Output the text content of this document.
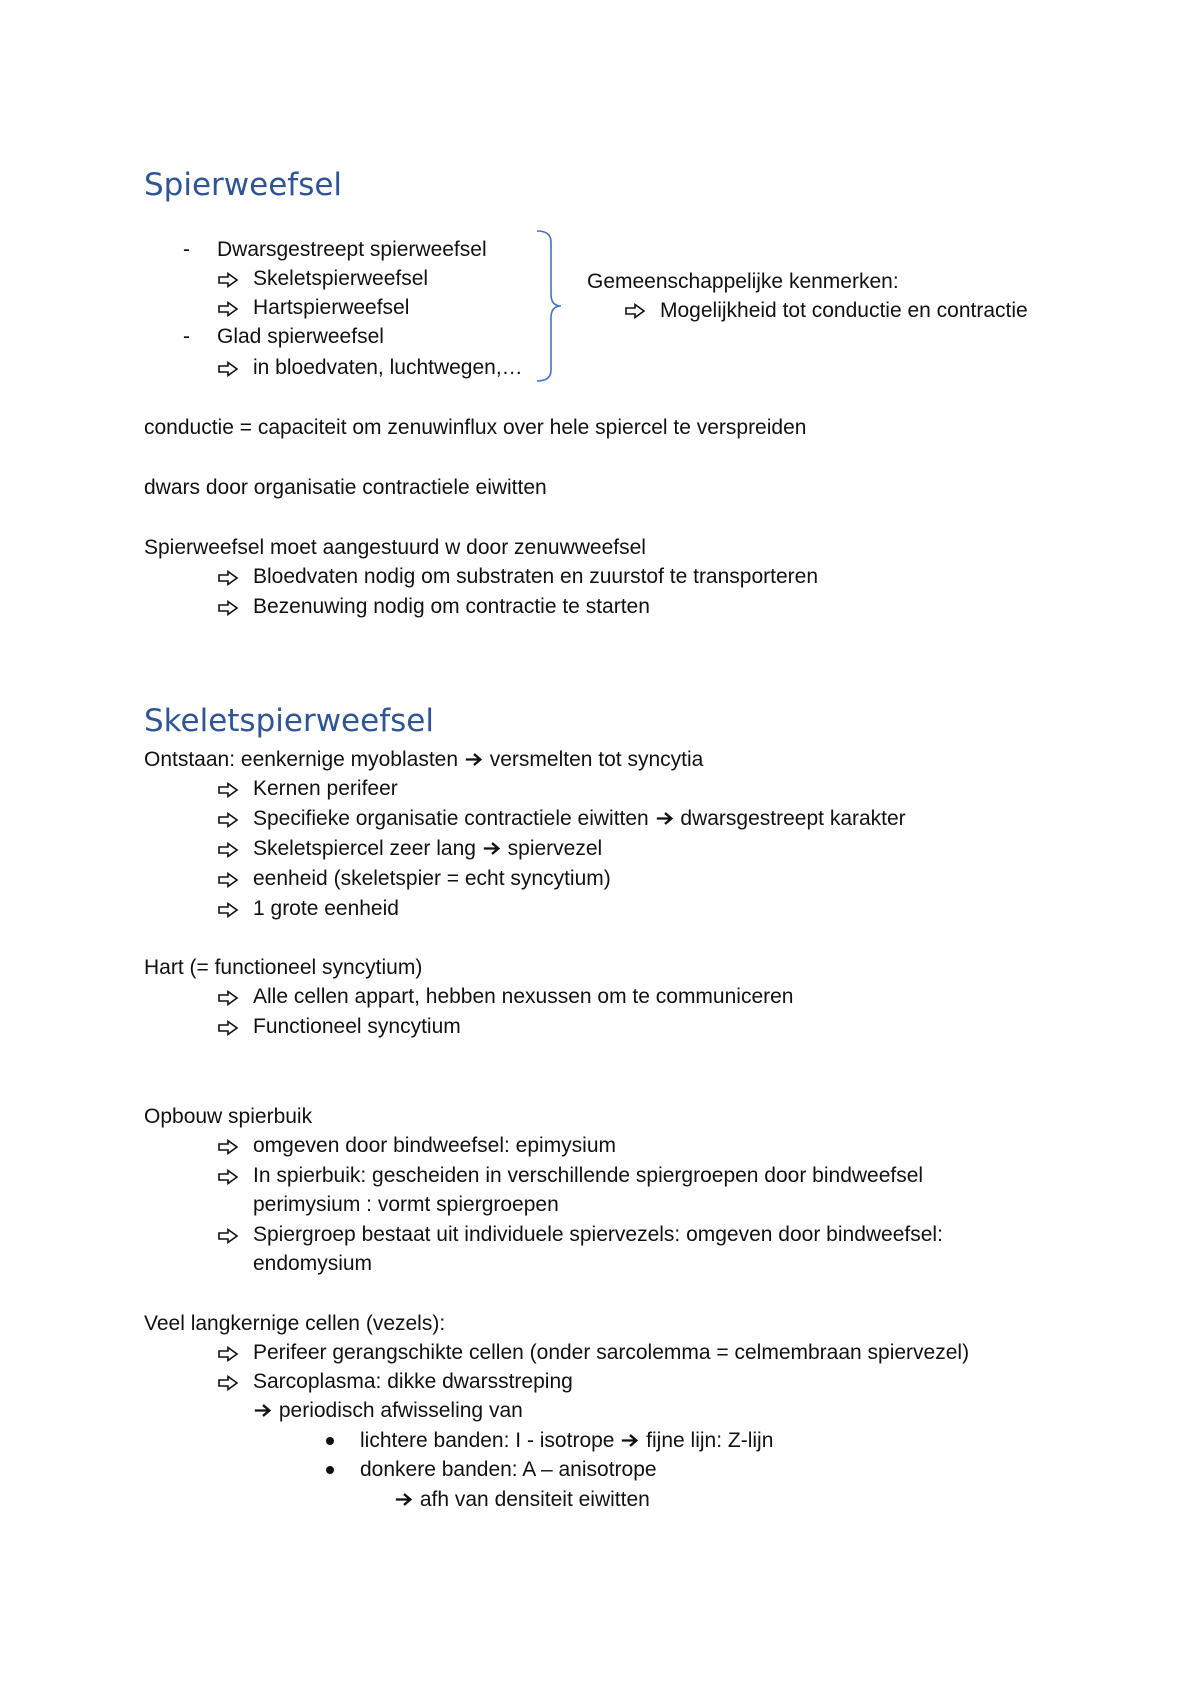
Spierweefsel
- Dwarsgestreept spierweefsel
Skeletspierweefsel
Hartspierweefsel
- Glad spierweefsel
in bloedvaten, luchtwegen,…
Gemeenschappelijke kenmerken:
Mogelijkheid tot conductie en contractie
conductie = capaciteit om zenuwinflux over hele spiercel te verspreiden
dwars door organisatie contractiele eiwitten
Spierweefsel moet aangestuurd w door zenuwweefsel
Bloedvaten nodig om substraten en zuurstof te transporteren
Bezenuwing nodig om contractie te starten
Skeletspierweefsel
Ontstaan: eenkernige myoblasten versmelten tot syncytia
Kernen perifeer
Specifieke organisatie contractiele eiwitten dwarsgestreept karakter
Skeletspiercel zeer lang spiervezel
eenheid (skeletspier = echt syncytium)
1 grote eenheid
Hart (= functioneel syncytium)
Alle cellen appart, hebben nexussen om te communiceren
Functioneel syncytium
Opbouw spierbuik
omgeven door bindweefsel: epimysium
In spierbuik: gescheiden in verschillende spiergroepen door bindweefsel
perimysium : vormt spiergroepen
Spiergroep bestaat uit individuele spiervezels: omgeven door bindweefsel:
endomysium
Veel langkernige cellen (vezels):
Perifeer gerangschikte cellen (onder sarcolemma = celmembraan spiervezel)
Sarcoplasma: dikke dwarsstreping
periodisch afwisseling van
lichtere banden: I - isotrope fijne lijn: Z-lijn
donkere banden: A – anisotrope
afh van densiteit eiwitten
